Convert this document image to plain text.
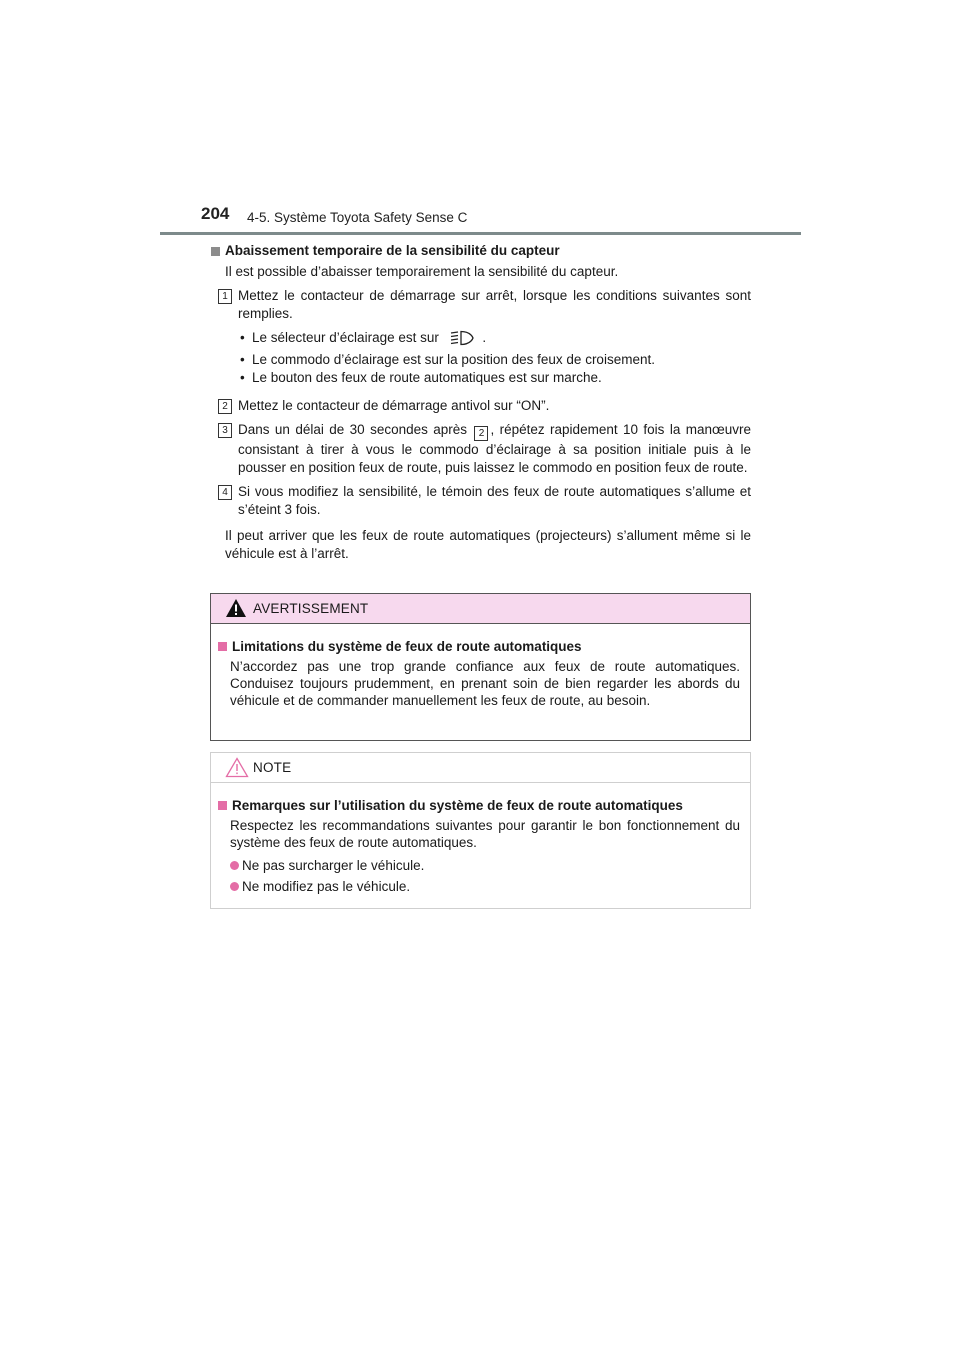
204 4-5. Système Toyota Safety Sense C
Abaissement temporaire de la sensibilité du capteur
Il est possible d’abaisser temporairement la sensibilité du capteur.
1 Mettez le contacteur de démarrage sur arrêt, lorsque les conditions suivantes sont remplies.
• Le sélecteur d’éclairage est sur	.
• Le commodo d’éclairage est sur la position des feux de croisement.
• Le bouton des feux de route automatiques est sur marche.
2 Mettez le contacteur de démarrage antivol sur “ON”.
3 Dans un délai de 30 secondes après 2 , répétez rapidement 10 fois la manœuvre consistant à tirer à vous le commodo d’éclairage à sa position initiale puis à le pousser en position feux de route, puis laissez le commodo en position feux de route.
4 Si vous modifiez la sensibilité, le témoin des feux de route automatiques s’allume et s’éteint 3 fois.
Il peut arriver que les feux de route automatiques (projecteurs) s’allument même si le véhicule est à l’arrêt.
AVERTISSEMENT
Limitations du système de feux de route automatiques
N’accordez pas une trop grande confiance aux feux de route automatiques. Conduisez toujours prudemment, en prenant soin de bien regarder les abords du véhicule et de commander manuellement les feux de route, au besoin.
NOTE
Remarques sur l’utilisation du système de feux de route automatiques
Respectez les recommandations suivantes pour garantir le bon fonctionnement du système des feux de route automatiques.
Ne pas surcharger le véhicule.
Ne modifiez pas le véhicule.
